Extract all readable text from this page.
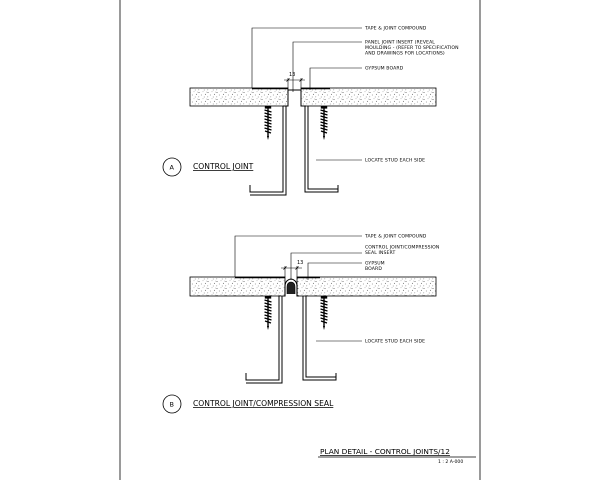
13
TAPE & JOINT COMPOUND
PANEL JOINT INSERT (REVEAL
MOULDING - (REFER TO SPECIFICATION
AND DRAWINGS FOR LOCATIONS)
GYPSUM BOARD
LOCATE STUD EACH SIDE
A	CONTROL JOINT
13
TAPE & JOINT COMPOUND
CONTROL JOINT/COMPRESSION
SEAL INSERT
GYPSUM
BOARD
LOCATE STUD EACH SIDE
B	CONTROL JOINT/COMPRESSION SEAL
PLAN DETAIL - CONTROL JOINTS/12
1 : 2 A-000
